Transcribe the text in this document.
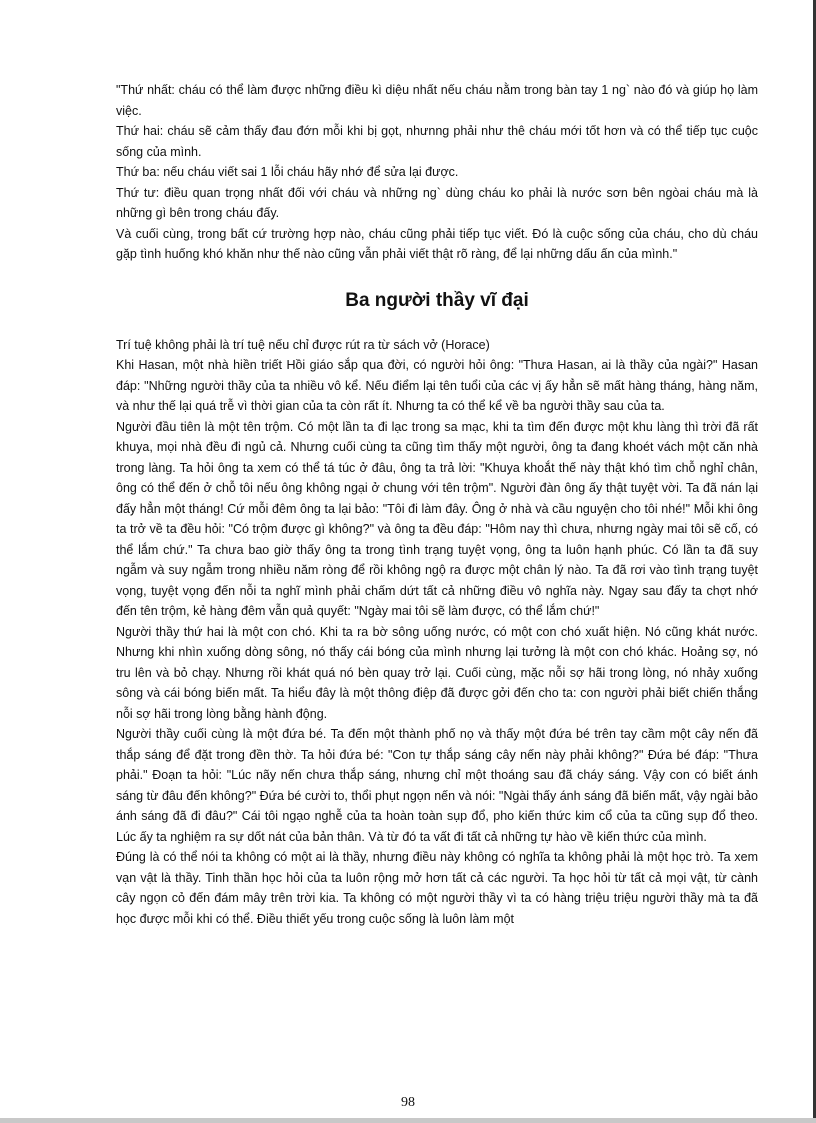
"Thứ nhất: cháu có thể làm được những điều kì diệu nhất nếu cháu nằm trong bàn tay 1 ng` nào đó và giúp họ làm việc.

Thứ hai: cháu sẽ cảm thấy đau đớn mỗi khi bị gọt, nhưnng phải như thê cháu mới tốt hơn và có thể tiếp tục cuộc sống của mình.

Thứ ba: nếu cháu viết sai 1 lỗi cháu hãy nhớ để sửa lại được.

Thứ tư: điều quan trọng nhất đối với cháu và những ng` dùng cháu ko phải là nước sơn bên ngòai cháu mà là những gì bên trong cháu đấy.

Và cuối cùng, trong bất cứ trường hợp nào, cháu cũng phải tiếp tục viết. Đó là cuộc sống của cháu, cho dù cháu gặp tình huống khó khăn như thế nào cũng vẫn phải viết thật rõ ràng, để lại những dấu ấn của mình."

Ba người thầy vĩ đại

Trí tuệ không phải là trí tuệ nếu chỉ được rút ra từ sách vở (Horace)

Khi Hasan, một nhà hiền triết Hồi giáo sắp qua đời, có người hỏi ông: "Thưa Hasan, ai là thầy của ngài?" Hasan đáp: "Những người thầy của ta nhiều vô kể. Nếu điểm lại tên tuổi của các vị ấy hẳn sẽ mất hàng tháng, hàng năm, và như thế lại quá trễ vì thời gian của ta còn rất ít. Nhưng ta có thể kể về ba người thầy sau của ta.

Người đầu tiên là một tên trộm. Có một lần ta đi lạc trong sa mạc, khi ta tìm đến được một khu làng thì trời đã rất khuya, mọi nhà đều đi ngủ cả. Nhưng cuối cùng ta cũng tìm thấy một người, ông ta đang khoét vách một căn nhà trong làng. Ta hỏi ông ta xem có thể tá túc ở đâu, ông ta trả lời: "Khuya khoắt thế này thật khó tìm chỗ nghỉ chân, ông có thể đến ở chỗ tôi nếu ông không ngại ở chung với tên trộm". Người đàn ông ấy thật tuyệt vời. Ta đã nán lại đấy hẳn một tháng! Cứ mỗi đêm ông ta lại bảo: "Tôi đi làm đây. Ông ở nhà và cầu nguyện cho tôi nhé!" Mỗi khi ông ta trở về ta đều hỏi: "Có trộm được gì không?" và ông ta đều đáp: "Hôm nay thì chưa, nhưng ngày mai tôi sẽ cố, có thể lắm chứ." Ta chưa bao giờ thấy ông ta trong tình trạng tuyệt vọng, ông ta luôn hạnh phúc. Có lần ta đã suy ngẫm và suy ngẫm trong nhiều năm ròng để rồi không ngộ ra được một chân lý nào. Ta đã rơi vào tình trạng tuyệt vọng, tuyệt vọng đến nỗi ta nghĩ mình phải chấm dứt tất cả những điều vô nghĩa này. Ngay sau đấy ta chợt nhớ đến tên trộm, kẻ hàng đêm vẫn quả quyết: "Ngày mai tôi sẽ làm được, có thể lắm chứ!"

Người thầy thứ hai là một con chó. Khi ta ra bờ sông uống nước, có một con chó xuất hiện. Nó cũng khát nước. Nhưng khi nhìn xuống dòng sông, nó thấy cái bóng của mình nhưng lại tưởng là một con chó khác. Hoảng sợ, nó tru lên và bỏ chạy. Nhưng rồi khát quá nó bèn quay trở lại. Cuối cùng, mặc nỗi sợ hãi trong lòng, nó nhảy xuống sông và cái bóng biến mất. Ta hiểu đây là một thông điệp đã được gởi đến cho ta: con người phải biết chiến thắng nỗi sợ hãi trong lòng bằng hành động.

Người thầy cuối cùng là một đứa bé. Ta đến một thành phố nọ và thấy một đứa bé trên tay cầm một cây nến đã thắp sáng để đặt trong đền thờ. Ta hỏi đứa bé: "Con tự thắp sáng cây nến này phải không?" Đứa bé đáp: "Thưa phải." Đoạn ta hỏi: "Lúc nãy nến chưa thắp sáng, nhưng chỉ một thoáng sau đã cháy sáng. Vậy con có biết ánh sáng từ đâu đến không?" Đứa bé cười to, thổi phụt ngọn nến và nói: "Ngài thấy ánh sáng đã biến mất, vậy ngài bảo ánh sáng đã đi đâu?" Cái tôi ngạo nghễ của ta hoàn toàn sụp đổ, pho kiến thức kim cổ của ta cũng sụp đổ theo. Lúc ấy ta nghiệm ra sự dốt nát của bản thân. Và từ đó ta vất đi tất cả những tự hào về kiến thức của mình.

Đúng là có thể nói ta không có một ai là thầy, nhưng điều này không có nghĩa ta không phải là một học trò. Ta xem vạn vật là thầy. Tinh thần học hỏi của ta luôn rộng mở hơn tất cả các người. Ta học hỏi từ tất cả mọi vật, từ cành cây ngọn cỏ đến đám mây trên trời kia. Ta không có một người thầy vì ta có hàng triệu triệu người thầy mà ta đã học được mỗi khi có thể. Điều thiết yếu trong cuộc sống là luôn làm một

98
